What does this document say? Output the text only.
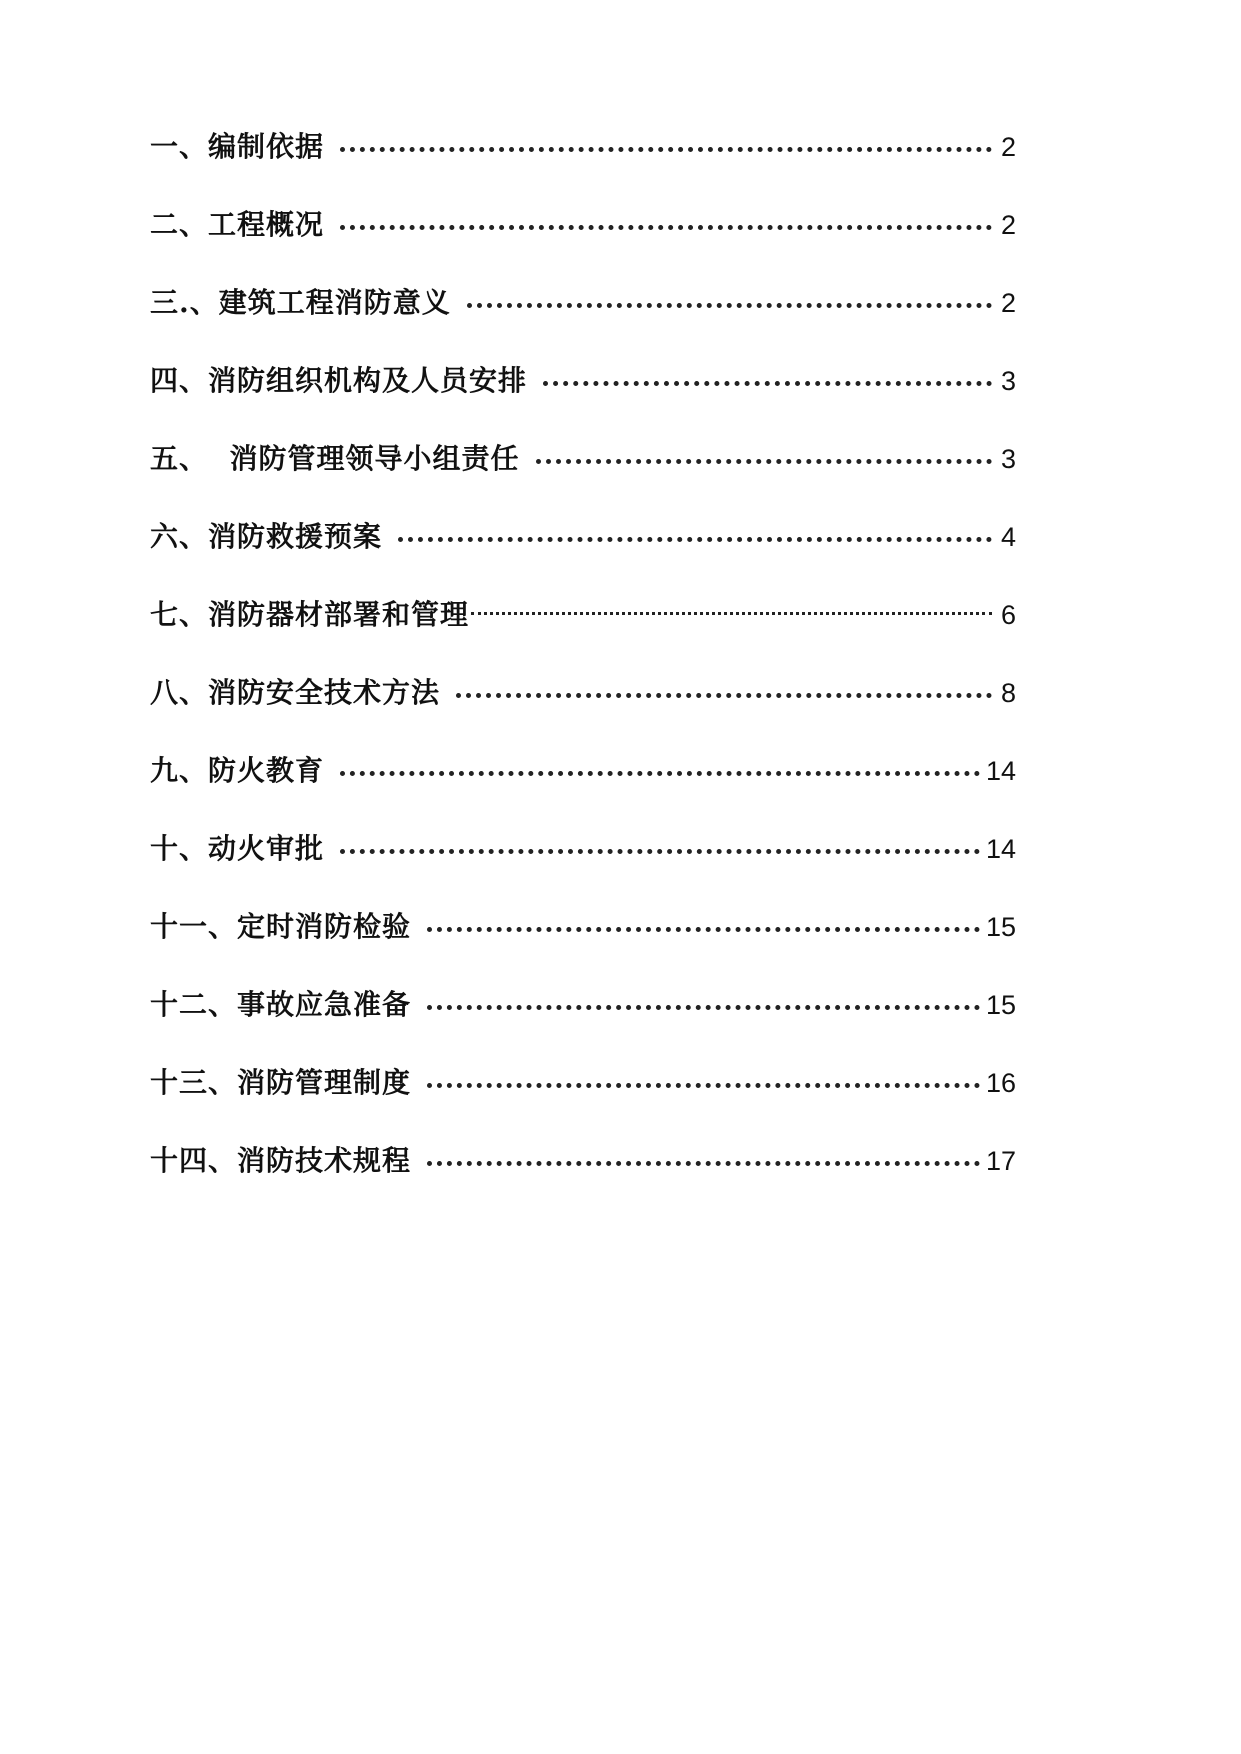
一、编制依据	2
二、工程概况	2
三.、建筑工程消防意义	2
四、消防组织机构及人员安排	3
五、  消防管理领导小组责任	3
六、消防救援预案	4
七、消防器材部署和管理	6
八、消防安全技术方法	8
九、防火教育	14
十、动火审批	14
十一、定时消防检验	15
十二、事故应急准备	15
十三、消防管理制度	16
十四、消防技术规程	17
